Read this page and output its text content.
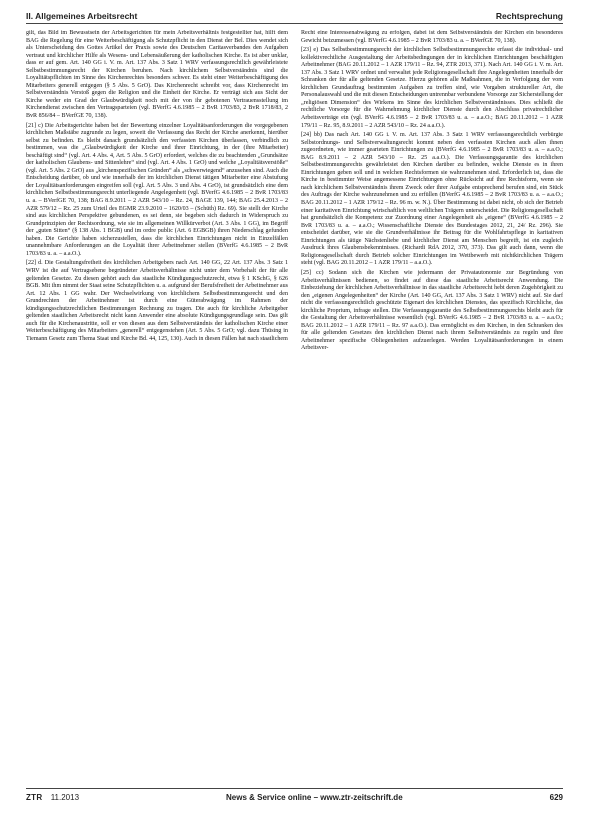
II. Allgemeines Arbeitsrecht	Rechtsprechung

gilt, das Bild im Bewusstsein der Arbeitsgerichten für mein Arbeitsverhältnis festgestellter hat, hilft dem BAG die Regelung für eine Weiterbeschäftigung als Schutzpflicht in den Dienst der Bel. Dies wendet sich als Unterscheidung des Gottes Artikel der Praxis sowie des Deutschen Caritasverbandes den Aufgaben vertraut und kirchlicher Hilfe als Wesens- und Lebensäußerung der katholischen Kirche. Es ist aber unklar, dass er auf gem. Art. 140 GG i. V. m. Art. 137 Abs. 3 Satz 1 WRV verfassungsrechtlich gewährleistete Selbstbestimmungsrecht der Kirchen beruhen. Nach kirchlichem Selbstverständnis sind die Loyalitätspflichten im Sinne des Kirchenrechtes besonders schwer. Es steht einer Weiterbeschäftigung des Mitarbeiters generell entgegen (§ 5 Abs. 5 GrO). Das Kirchenrecht schreibt vor, dass Kirchenrecht im Selbstverständnis Verstoß gegen die Religion und die Einheit der Kirche. Er verträgt sich aus Sicht der Kirche weder ein Grad der Glaubwürdigkeit noch mit der von ihr gebotenen Vertrauensstellung im Kirchendienst zwischen den Vertragsparteien (vgl. BVerfG 4.6.1985 – 2 BvR 1703/83, 2 BvR 1718/83, 2 BvR 856/84 – BVerfGE 70, 138).

[21] c) Die Arbeitsgerichte haben bei der Bewertung einzelner Loyalitätsanforderungen die vorgegebenen kirchlichen Maßstäbe zugrunde zu legen, soweit die Verfassung das Recht der Kirche anerkennt, hierüber selbst zu befinden. Es bleibt danach grundsätzlich den verfassten Kirchen überlassen, verbindlich zu bestimmen, was die „Glaubwürdigkeit der Kirche und ihrer Einrichtung, in der (ihre Mitarbeiter) beschäftigt sind“ (vgl. Art. 4 Abs. 4, Art. 5 Abs. 5 GrO) erfordert, welches die zu beachtenden „Grundsätze der katholischen Glaubens- und Sittenlehre“ sind (vgl. Art. 4 Abs. 1 GrO) und welche „Loyalitätsverstöße“ (vgl. Art. 5 Abs. 2 GrO) aus „kirchenspezifischen Gründen“ als „schwerwiegend“ anzusehen sind. Auch die Entscheidung darüber, ob und wie innerhalb der im kirchlichen Dienst tätigen Mitarbeiter eine Abstufung der Loyalitätsanforderungen eingreifen soll (vgl. Art. 5 Abs. 3 und Abs. 4 GrO), ist grundsätzlich eine dem kirchlichen Selbstbestimmungsrecht unterliegende Angelegenheit (vgl. BVerfG 4.6.1985 – 2 BvR 1703/83 u. a. – BVerfGE 70, 138; BAG 8.9.2011 – 2 AZR 543/10 – Rz. 24, BAGE 139, 144; BAG 25.4.2013 – 2 AZR 579/12 – Rz. 25 zum Urteil des EGMR 23.9.2010 – 1620/03 – (Schüth) Rz. 69). Sie stellt der Kirche sind aus kirchlichen Perspektive gebundenen, es sei denn, sie begeben sich dadurch in Widerspruch zu Grundprinzipien der Rechtsordnung, wie sie im allgemeinen Willkürverbot (Art. 3 Abs. 1 GG), im Begriff der „guten Sitten“ (§ 138 Abs. 1 BGB) und im ordre public (Art. 6 EGBGB) ihren Niederschlag gefunden haben. Die Gerichte haben sicherzustellen, dass die kirchlichen Einrichtungen nicht in Einzelfällen unannehmbare Anforderungen an die Loyalität ihrer Arbeitnehmer stellen (BVerfG 4.6.1985 – 2 BvR 1703/83 u. a. – a.a.O.).

[22] d. Die Gestaltungsfreiheit des kirchlichen Arbeitgebers nach Art. 140 GG, 22 Art. 137 Abs. 3 Satz 1 WRV ist die auf Vertragsebene begründeter Arbeitsverhältnisse nicht unter dem Vorbehalt der für alle geltenden Gesetze. Zu diesen gehört auch das staatliche Kündigungsschutzrecht, etwa § 1 KSchG, § 626 BGB. Mit ihm nimmt der Staat seine Schutzpflichten u. a. aufgrund der Berufsfreiheit der Arbeitnehmer aus Art. 12 Abs. 1 GG wahr. Der Wechselwirkung von kirchlichem Selbstbestimmungsrecht und den Grundrechten der Arbeitnehmer ist durch eine Güterabwägung im Rahmen der kündigungsschutzrechtlichen Bestimmungen Rechnung zu tragen. Die auch für kirchliche Arbeitgeber geltenden staatlichen Arbeitsrecht nicht kann Anwender eine absolute Kündigungsgrundlage sein. Das gilt auch für die Kirchenaustritte, soll er von diesen aus dem Selbstverständnis der katholischen Kirche einer Weiterbeschäftigung des Mitarbeiters „generell“ entgegenstehen (Art. 5 Abs. 5 GrO; vgl. dazu Thüsing in Tiemann Gesetz zum Thema Staat und Kirche Bd. 44, 125, 130). Auch in diesen Fällen hat nach staatlichem

Recht eine Interessenabwägung zu erfolgen, dabei ist dem Selbstverständnis der Kirchen ein besonderes Gewicht beizumessen (vgl. BVerfG 4.6.1985 – 2 BvR 1703/83 u. a. – BVerfGE 70, 138).

[23] e) Das Selbstbestimmungsrecht der kirchlichen Selbstbestimmungsrechte erfasst die individual- und kollektivrechtliche Ausgestaltung der Arbeitsbedingungen der in kirchlichen Einrichtungen beschäftigten Arbeitnehmer (BAG 20.11.2012 – 1 AZR 179/11 – Rz. 94, ZTR 2013, 371). Nach Art. 140 GG i. V. m. Art. 137 Abs. 3 Satz 1 WRV ordnet und verwaltet jede Religionsgesellschaft ihre Angelegenheiten innerhalb der Schranken der für alle geltenden Gesetze. Hierzu gehören alle Maßnahmen, die in Verfolgung der vom kirchlichen Grundauftrag bestimmten Aufgaben zu treffen sind, wie Vorgaben struktureller Art, die Personalauswahl und die mit diesen Entscheidungen untrennbar verbundene Vorsorge zur Sicherstellung der „religiösen Dimension“ des Wirkens im Sinne des kirchlichen Selbstverständnisses. Dies schließt die rechtliche Vorsorge für die Wahrnehmung kirchlicher Dienste durch den Abschluss privatrechtlicher Arbeitsverträge ein (vgl. BVerfG 4.6.1985 – 2 BvR 1703/83 u. a. – a.a.O.; BAG 20.11.2012 – 1 AZR 179/11 – Rz. 95, 8.9.2011 – 2 AZR 543/10 – Rz. 24 a.a.O.).

[24] bb) Das nach Art. 140 GG i. V. m. Art. 137 Abs. 3 Satz 1 WRV verfassungsrechtlich verbürgte Selbstordnungs- und Selbstverwaltungsrecht kommt neben den verfassten Kirchen auch allen ihnen zugeordneten, wie immer gearteten Einrichtungen zu (BVerfG 4.6.1985 – 2 BvR 1703/83 u. a. – a.a.O.; BAG 8.9.2011 – 2 AZR 543/10 – Rz. 25 a.a.O.). Die Verfassungsgarantie des kirchlichen Selbstbestimmungsrechts gewährleistet den Kirchen darüber zu befinden, welche Dienste es in ihren Einrichtungen geben soll und in welchen Rechtsformen sie wahrzunehmen sind. Erforderlich ist, dass die Kirche in bestimmter Weise angemessene Einrichtungen ohne Rücksicht auf ihre Rechtsform, wenn sie nach kirchlichem Selbstverständnis ihrem Zweck oder ihrer Aufgabe entsprechend berufen sind, ein Stück des Auftrags der Kirche wahrzunehmen und zu erfüllen (BVerfG 4.6.1985 – 2 BvR 1703/83 u. a. – a.a.O.; BAG 20.11.2012 – 1 AZR 179/12 – Rz. 96 m. w. N.). Über Bestimmung ist dabei nicht, ob sich der Betrieb einer karitativen Einrichtung wirtschaftlich von weltlichen Trägern unterscheidet. Die Religionsgesellschaft hat grundsätzlich die Kompetenz zur Zuordnung einer Angelegenheit als „eigene“ (BVerfG 4.6.1985 – 2 BvR 1703/83 u. a. – a.a.O.; Wissenschaftliche Dienste des Bundestages 2012, 21, 24/ Rz. 296). Sie entscheidet darüber, wie sie die Grundverhältnisse ihr Beitrag für die Wohlfahrtspflege in karitativen Einrichtungen als tätige Nächstenliebe und kirchlicher Dienst am Menschen begreift, ist ein zugleich Ausdruck ihres Glaubensbekenntnisses. (Richardi RdA 2012, 370, 373). Das gilt auch dann, wenn die Religionsgesellschaft durch Betrieb solcher Einrichtungen im Wettbewerb mit nichtkirchlichen Trägern steht (vgl. BAG 20.11.2012 – 1 AZR 179/11 – a.a.O.).

[25] cc) Sodann sich die Kirchen wie jedermann der Privatautonomie zur Begründung von Arbeitsverhältnissen bedienen, so findet auf diese das staatliche Arbeitsrecht Anwendung. Die Einbeziehung der kirchlichen Arbeitsverhältnisse in das staatliche Arbeitsrecht hebt deren Zugehörigkeit zu den „eigenen Angelegenheiten“ der Kirche (Art. 140 GG, Art. 137 Abs. 3 Satz 1 WRV) nicht auf. Sie darf nicht die verfassungsrechtlich geschützte Eigenart des kirchlichen Dienstes, das spezifisch Kirchliche, das kirchliche Proprium, infrage stellen. Die Verfassungsgarantie des Selbstbestimmungsrechts bleibt auch für die Gestaltung der Arbeitsverhältnisse wesentlich (vgl. BVerfG 4.6.1985 – 2 BvR 1703/83 u. a. – a.a.O.; BAG 20.11.2012 – 1 AZR 179/11 – Rz. 97 a.a.O.). Das ermöglicht es den Kirchen, in den Schranken des für alle geltenden Gesetzes den kirchlichen Dienst nach ihrem Selbstverständnis zu regeln und ihre Arbeitnehmer spezifische Obliegenheiten aufzuerlegen. Werden Loyalitätsanforderungen in einem Arbeitsver-

ZTR 11.2013	News & Service online – www.ztr-zeitschrift.de	629
